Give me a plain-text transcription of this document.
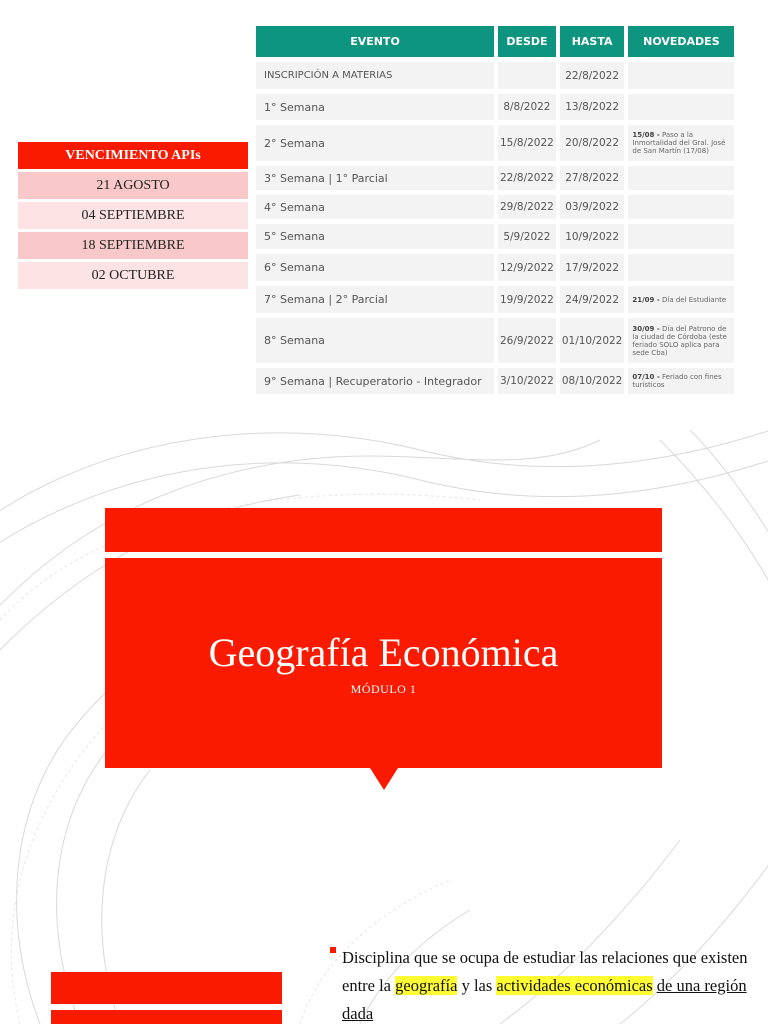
VENCIMIENTO APIs
21 AGOSTO
04 SEPTIEMBRE
18 SEPTIEMBRE
02 OCTUBRE
EVENTO	DESDE	HASTA	NOVEDADES
INSCRIPCIÓN A MATERIAS		22/8/2022	
1° Semana	8/8/2022	13/8/2022	
2° Semana	15/8/2022	20/8/2022	15/08 - Paso a la Inmortalidad del Gral. José de San Martín (17/08)
3° Semana | 1° Parcial	22/8/2022	27/8/2022	
4° Semana	29/8/2022	03/9/2022	
5° Semana	5/9/2022	10/9/2022	
6° Semana	12/9/2022	17/9/2022	
7° Semana | 2° Parcial	19/9/2022	24/9/2022	21/09 - Día del Estudiante
8° Semana	26/9/2022	01/10/2022	30/09 - Día del Patrono de la ciudad de Córdoba (este feriado SOLO aplica para sede Cba)
9° Semana | Recuperatorio - Integrador	3/10/2022	08/10/2022	07/10 - Feriado con fines turísticos
Geografía Económica
MÓDULO 1
Disciplina que se ocupa de estudiar las relaciones que existen entre la geografía y las actividades económicas de una región dada
